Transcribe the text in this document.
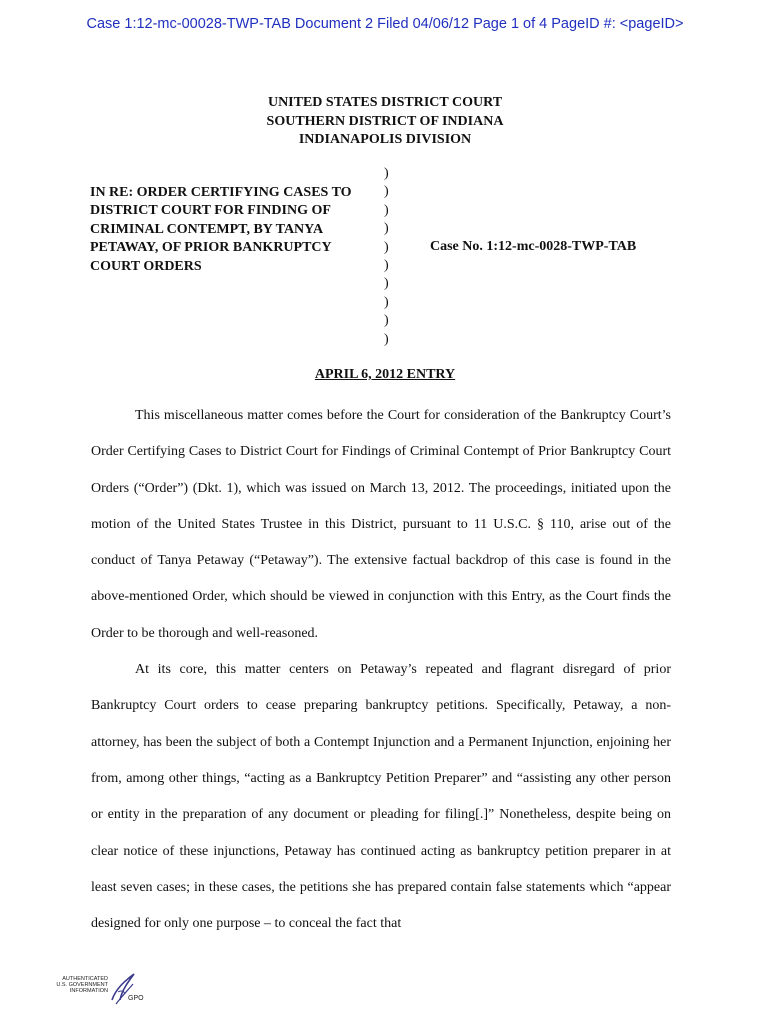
Case 1:12-mc-00028-TWP-TAB Document 2 Filed 04/06/12 Page 1 of 4 PageID #: <pageID>
UNITED STATES DISTRICT COURT
SOUTHERN DISTRICT OF INDIANA
INDIANAPOLIS DIVISION
IN RE: ORDER CERTIFYING CASES TO
DISTRICT COURT FOR FINDING OF
CRIMINAL CONTEMPT, BY TANYA
PETAWAY, OF PRIOR BANKRUPTCY
COURT ORDERS
)
)
)
)
)
)
)
)
)
)
Case No. 1:12-mc-0028-TWP-TAB
APRIL 6, 2012 ENTRY

This miscellaneous matter comes before the Court for consideration of the Bankruptcy Court’s Order Certifying Cases to District Court for Findings of Criminal Contempt of Prior Bankruptcy Court Orders (“Order”) (Dkt. 1), which was issued on March 13, 2012. The proceedings, initiated upon the motion of the United States Trustee in this District, pursuant to 11 U.S.C. § 110, arise out of the conduct of Tanya Petaway (“Petaway”). The extensive factual backdrop of this case is found in the above-mentioned Order, which should be viewed in conjunction with this Entry, as the Court finds the Order to be thorough and well-reasoned.

At its core, this matter centers on Petaway’s repeated and flagrant disregard of prior Bankruptcy Court orders to cease preparing bankruptcy petitions. Specifically, Petaway, a non-attorney, has been the subject of both a Contempt Injunction and a Permanent Injunction, enjoining her from, among other things, “acting as a Bankruptcy Petition Preparer” and “assisting any other person or entity in the preparation of any document or pleading for filing[.]” Nonetheless, despite being on clear notice of these injunctions, Petaway has continued acting as bankruptcy petition preparer in at least seven cases; in these cases, the petitions she has prepared contain false statements which “appear designed for only one purpose – to conceal the fact that

AUTHENTICATED
U.S. GOVERNMENT
INFORMATION
GPO
